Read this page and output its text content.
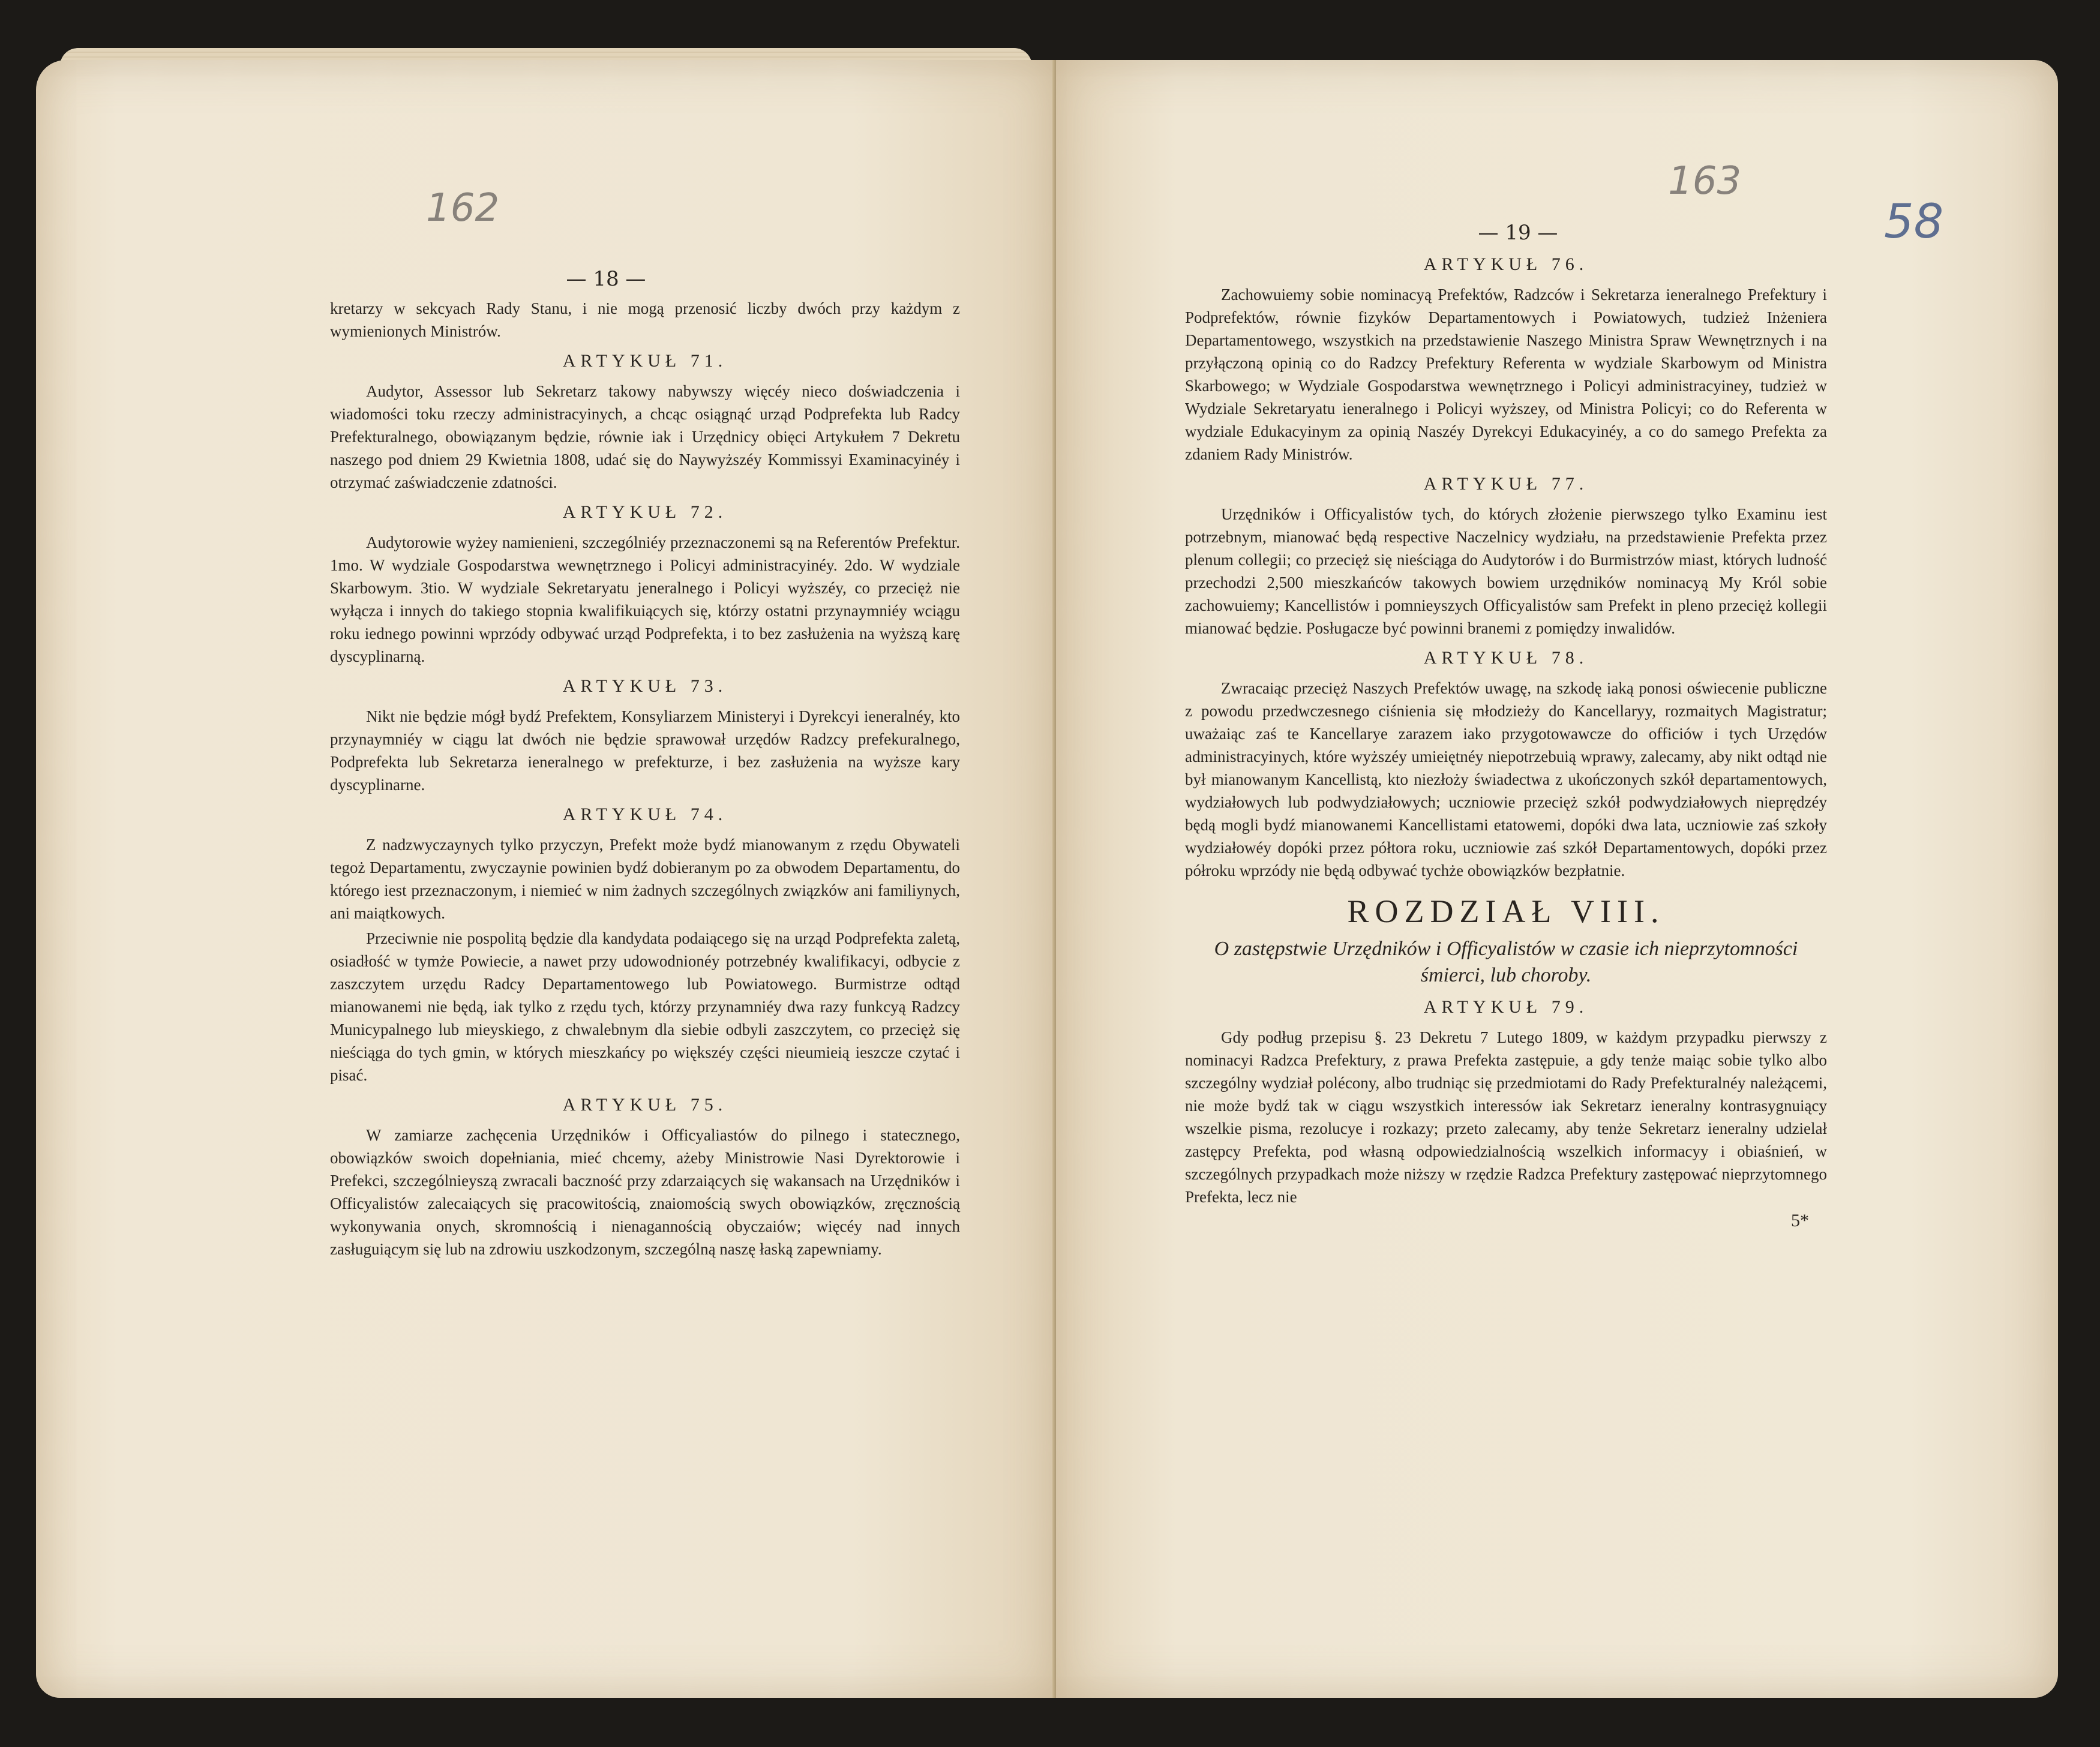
162
— 18 —

kretarzy w sekcyach Rady Stanu, i nie mogą przenosić liczby dwóch przy każdym z wymienionych Ministrów.

ARTYKUŁ 71.

Audytor, Assessor lub Sekretarz takowy nabywszy więcéy nieco doświadczenia i wiadomości toku rzeczy administracyinych, a chcąc osiągnąć urząd Podprefekta lub Radcy Prefekturalnego, obowiązanym będzie, równie iak i Urzędnicy obięci Artykułem 7 Dekretu naszego pod dniem 29 Kwietnia 1808, udać się do Naywyższéy Kommissyi Examinacyinéy i otrzymać zaświadczenie zdatności.

ARTYKUŁ 72.

Audytorowie wyżey namienieni, szczególniéy przeznaczonemi są na Referentów Prefektur. 1mo. W wydziale Gospodarstwa wewnętrznego i Policyi administracyinéy. 2do. W wydziale Skarbowym. 3tio. W wydziale Sekretaryatu jeneralnego i Policyi wyższéy, co przecięż nie wyłącza i innych do takiego stopnia kwalifikuiących się, którzy ostatni przynaymniéy wciągu roku iednego powinni wprzódy odbywać urząd Podprefekta, i to bez zasłużenia na wyższą karę dyscyplinarną.

ARTYKUŁ 73.

Nikt nie będzie mógł bydź Prefektem, Konsyliarzem Ministeryi i Dyrekcyi ieneralnéy, kto przynaymniéy w ciągu lat dwóch nie będzie sprawował urzędów Radzcy prefekuralnego, Podprefekta lub Sekretarza ieneralnego w prefekturze, i bez zasłużenia na wyższe kary dyscyplinarne.

ARTYKUŁ 74.

Z nadzwyczaynych tylko przyczyn, Prefekt może bydź mianowanym z rzędu Obywateli tegoż Departamentu, zwyczaynie powinien bydź dobieranym po za obwodem Departamentu, do którego iest przeznaczonym, i niemieć w nim żadnych szczególnych związków ani familiynych, ani maiątkowych.

Przeciwnie nie pospolitą będzie dla kandydata podaiącego się na urząd Podprefekta zaletą, osiadłość w tymże Powiecie, a nawet przy udowodnionéy potrzebnéy kwalifikacyi, odbycie z zaszczytem urzędu Radcy Departamentowego lub Powiatowego. Burmistrze odtąd mianowanemi nie będą, iak tylko z rzędu tych, którzy przynamniéy dwa razy funkcyą Radzcy Municypalnego lub mieyskiego, z chwalebnym dla siebie odbyli zaszczytem, co przecięż się nieściąga do tych gmin, w których mieszkańcy po większéy części nieumieią ieszcze czytać i pisać.

ARTYKUŁ 75.

W zamiarze zachęcenia Urzędników i Officyaliastów do pilnego i statecznego, obowiązków swoich dopełniania, mieć chcemy, ażeby Ministrowie Nasi Dyrektorowie i Prefekci, szczególnieyszą zwracali baczność przy zdarzaiących się wakansach na Urzędników i Officyalistów zalecaiących się pracowitością, znaiomością swych obowiązków, zręcznością wykonywania onych, skromnością i nienagannością obyczaiów; więcéy nad innych zasługuiącym się lub na zdrowiu uszkodzonym, szczególną naszę łaską zapewniamy.

163
58
— 19 —
ARTYKUŁ 76.

Zachowuiemy sobie nominacyą Prefektów, Radzców i Sekretarza ieneralnego Prefektury i Podprefektów, równie fizyków Departamentowych i Powiatowych, tudzież Inżeniera Departamentowego, wszystkich na przedstawienie Naszego Ministra Spraw Wewnętrznych i na przyłączoną opinią co do Radzcy Prefektury Referenta w wydziale Skarbowym od Ministra Skarbowego; w Wydziale Gospodarstwa wewnętrznego i Policyi administracyiney, tudzież w Wydziale Sekretaryatu ieneralnego i Policyi wyższey, od Ministra Policyi; co do Referenta w wydziale Edukacyinym za opinią Naszéy Dyrekcyi Edukacyinéy, a co do samego Prefekta za zdaniem Rady Ministrów.

ARTYKUŁ 77.

Urzędników i Officyalistów tych, do których złożenie pierwszego tylko Examinu iest potrzebnym, mianować będą respective Naczelnicy wydziału, na przedstawienie Prefekta przez plenum collegii; co przecięż się nieściąga do Audytorów i do Burmistrzów miast, których ludność przechodzi 2,500 mieszkańców takowych bowiem urzędników nominacyą My Król sobie zachowuiemy; Kancellistów i pomnieyszych Officyalistów sam Prefekt in pleno przecięż kollegii mianować będzie. Posługacze być powinni branemi z pomiędzy inwalidów.

ARTYKUŁ 78.

Zwracaiąc przecięż Naszych Prefektów uwagę, na szkodę iaką ponosi oświecenie publiczne z powodu przedwczesnego ciśnienia się młodzieży do Kancellaryy, rozmaitych Magistratur; uważaiąc zaś te Kancellarye zarazem iako przygotowawcze do officiów i tych Urzędów administracyinych, które wyższéy umieiętnéy niepotrzebuią wprawy, zalecamy, aby nikt odtąd nie był mianowanym Kancellistą, kto niezłoży świadectwa z ukończonych szkół departamentowych, wydziałowych lub podwydziałowych; uczniowie przecięż szkół podwydziałowych nieprędzéy będą mogli bydź mianowanemi Kancellistami etatowemi, dopóki dwa lata, uczniowie zaś szkoły wydziałowéy dopóki przez półtora roku, uczniowie zaś szkół Departamentowych, dopóki przez półroku wprzódy nie będą odbywać tychże obowiązków bezpłatnie.

ROZDZIAŁ VIII.
O zastępstwie Urzędników i Officyalistów w czasie ich nieprzytomności śmierci, lub choroby.
ARTYKUŁ 79.

Gdy podług przepisu §. 23 Dekretu 7 Lutego 1809, w każdym przypadku pierwszy z nominacyi Radzca Prefektury, z prawa Prefekta zastępuie, a gdy tenże maiąc sobie tylko albo szczególny wydział polécony, albo trudniąc się przedmiotami do Rady Prefekturalnéy należącemi, nie może bydź tak w ciągu wszystkich interessów iak Sekretarz ieneralny kontrasygnuiący wszelkie pisma, rezolucye i rozkazy; przeto zalecamy, aby tenże Sekretarz ieneralny udzielał zastępcy Prefekta, pod własną odpowiedzialnością wszelkich informacyy i obiaśnień, w szczególnych przypadkach może niższy w rzędzie Radzca Prefektury zastępować nieprzytomnego Prefekta, lecz nie

5*
